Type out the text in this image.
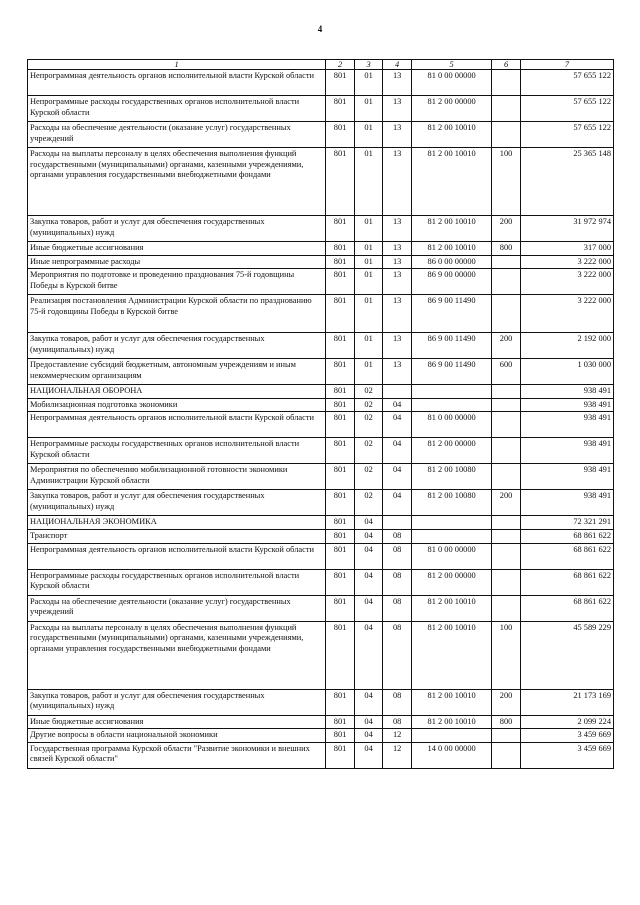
4
1	2	3	4	5	6	7
Непрограммная деятельность органов исполнительной власти Курской области	801	01	13	81 0 00 00000		57 655 122
Непрограммные расходы государственных органов исполнительной власти Курской области	801	01	13	81 2 00 00000		57 655 122
Расходы на обеспечение деятельности (оказание услуг) государственных учреждений	801	01	13	81 2 00 10010		57 655 122
Расходы на выплаты персоналу в целях обеспечения выполнения функций государственными (муниципальными) органами, казенными учреждениями, органами управления государственными внебюджетными фондами	801	01	13	81 2 00 10010	100	25 365 148
Закупка товаров, работ и услуг для обеспечения государственных (муниципальных) нужд	801	01	13	81 2 00 10010	200	31 972 974
Иные бюджетные ассигнования	801	01	13	81 2 00 10010	800	317 000
Иные непрограммные расходы	801	01	13	86 0 00 00000		3 222 000
Мероприятия по подготовке и проведению празднования 75-й годовщины Победы в Курской битве	801	01	13	86 9 00 00000		3 222 000
Реализация постановления Администрации Курской области по празднованию 75-й годовщины Победы в Курской битве	801	01	13	86 9 00 11490		3 222 000
Закупка товаров, работ и услуг для обеспечения государственных (муниципальных) нужд	801	01	13	86 9 00 11490	200	2 192 000
Предоставление субсидий бюджетным, автономным учреждениям и иным некоммерческим организациям	801	01	13	86 9 00 11490	600	1 030 000
НАЦИОНАЛЬНАЯ ОБОРОНА	801	02				938 491
Мобилизационная подготовка экономики	801	02	04			938 491
Непрограммная деятельность органов исполнительной власти Курской области	801	02	04	81 0 00 00000		938 491
Непрограммные расходы государственных органов исполнительной власти Курской области	801	02	04	81 2 00 00000		938 491
Мероприятия по обеспечению мобилизационной готовности экономики Администрации Курской области	801	02	04	81 2 00 10080		938 491
Закупка товаров, работ и услуг для обеспечения государственных (муниципальных) нужд	801	02	04	81 2 00 10080	200	938 491
НАЦИОНАЛЬНАЯ ЭКОНОМИКА	801	04				72 321 291
Транспорт	801	04	08			68 861 622
Непрограммная деятельность органов исполнительной власти Курской области	801	04	08	81 0 00 00000		68 861 622
Непрограммные расходы государственных органов исполнительной власти Курской области	801	04	08	81 2 00 00000		68 861 622
Расходы на обеспечение деятельности (оказание услуг) государственных учреждений	801	04	08	81 2 00 10010		68 861 622
Расходы на выплаты персоналу в целях обеспечения выполнения функций государственными (муниципальными) органами, казенными учреждениями, органами управления государственными внебюджетными фондами	801	04	08	81 2 00 10010	100	45 589 229
Закупка товаров, работ и услуг для обеспечения государственных (муниципальных) нужд	801	04	08	81 2 00 10010	200	21 173 169
Иные бюджетные ассигнования	801	04	08	81 2 00 10010	800	2 099 224
Другие вопросы в области национальной экономики	801	04	12			3 459 669
Государственная программа Курской области "Развитие экономики и внешних связей Курской области"	801	04	12	14 0 00 00000		3 459 669
